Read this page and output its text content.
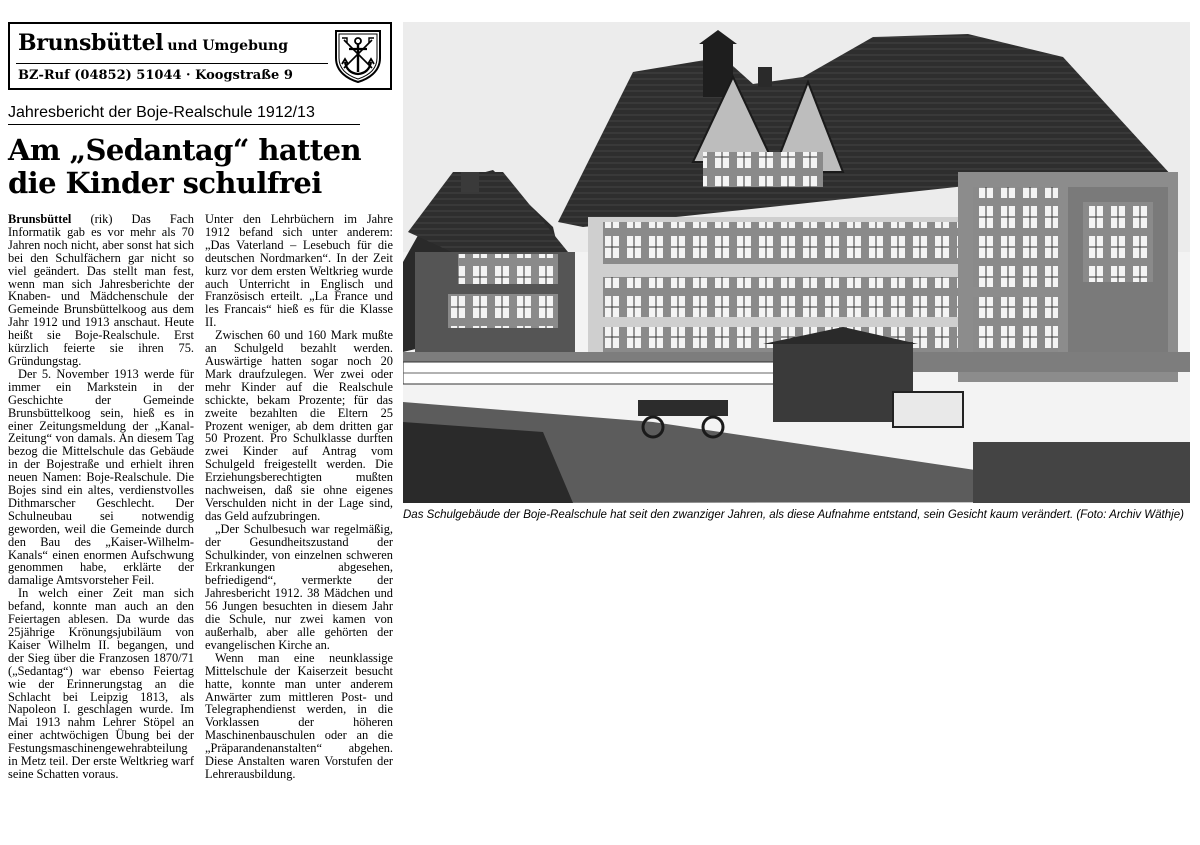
Brunsbüttel und Umgebung
BZ-Ruf (04852) 51044 · Koogstraße 9
Jahresbericht der Boje-Realschule 1912/13
Am „Sedantag“ hatten
die Kinder schulfrei

Brunsbüttel (rik) Das Fach Informatik gab es vor mehr als 70 Jahren noch nicht, aber sonst hat sich bei den Schulfächern gar nicht so viel geändert. Das stellt man fest, wenn man sich Jahresberichte der Knaben- und Mädchenschule der Gemeinde Brunsbüttelkoog aus dem Jahr 1912 und 1913 anschaut. Heute heißt sie Boje-Realschule. Erst kürzlich feierte sie ihren 75. Gründungstag.

Der 5. November 1913 werde für immer ein Markstein in der Geschichte der Gemeinde Brunsbüttelkoog sein, hieß es in einer Zeitungsmeldung der „Kanal-Zeitung“ von damals. An diesem Tag bezog die Mittelschule das Gebäude in der Bojestraße und erhielt ihren neuen Namen: Boje-Realschule. Die Bojes sind ein altes, verdienstvolles Dithmarscher Geschlecht. Der Schulneubau sei notwendig geworden, weil die Gemeinde durch den Bau des „Kaiser-Wilhelm-Kanals“ einen enormen Aufschwung genommen habe, erklärte der damalige Amtsvorsteher Feil.

In welch einer Zeit man sich befand, konnte man auch an den Feiertagen ablesen. Da wurde das 25jährige Krönungsjubiläum von Kaiser Wilhelm II. begangen, und der Sieg über die Franzosen 1870/71 („Sedantag“) war ebenso Feiertag wie der Erinnerungstag an die Schlacht bei Leipzig 1813, als Napoleon I. geschlagen wurde. Im Mai 1913 nahm Lehrer Stöpel an einer achtwöchigen Übung bei der Festungsmaschinengewehrabteilung in Metz teil. Der erste Weltkrieg warf seine Schatten voraus.

Unter den Lehrbüchern im Jahre 1912 befand sich unter anderem: „Das Vaterland – Lesebuch für die deutschen Nordmarken“. In der Zeit kurz vor dem ersten Weltkrieg wurde auch Unterricht in Englisch und Französisch erteilt. „La France und les Francais“ hieß es für die Klasse II.

Zwischen 60 und 160 Mark mußte an Schulgeld bezahlt werden. Auswärtige hatten sogar noch 20 Mark draufzulegen. Wer zwei oder mehr Kinder auf die Realschule schickte, bekam Prozente; für das zweite bezahlten die Eltern 25 Prozent weniger, ab dem dritten gar 50 Prozent. Pro Schulklasse durften zwei Kinder auf Antrag vom Schulgeld freigestellt werden. Die Erziehungsberechtigten mußten nachweisen, daß sie ohne eigenes Verschulden nicht in der Lage sind, das Geld aufzubringen.

„Der Schulbesuch war regelmäßig, der Gesundheitszustand der Schulkinder, von einzelnen schweren Erkrankungen abgesehen, befriedigend“, vermerkte der Jahresbericht 1912. 38 Mädchen und 56 Jungen besuchten in diesem Jahr die Schule, nur zwei kamen von außerhalb, aber alle gehörten der evangelischen Kirche an.

Wenn man eine neunklassige Mittelschule der Kaiserzeit besucht hatte, konnte man unter anderem Anwärter zum mittleren Post- und Telegraphendienst werden, in die Vorklassen der höheren Maschinenbauschulen oder an die „Präparandenanstalten“ abgehen. Diese Anstalten waren Vorstufen der Lehrerausbildung.

Das Schulgebäude der Boje-Realschule hat seit den zwanziger Jahren, als diese Aufnahme entstand, sein Gesicht kaum verändert. (Foto: Archiv Wäthje)
